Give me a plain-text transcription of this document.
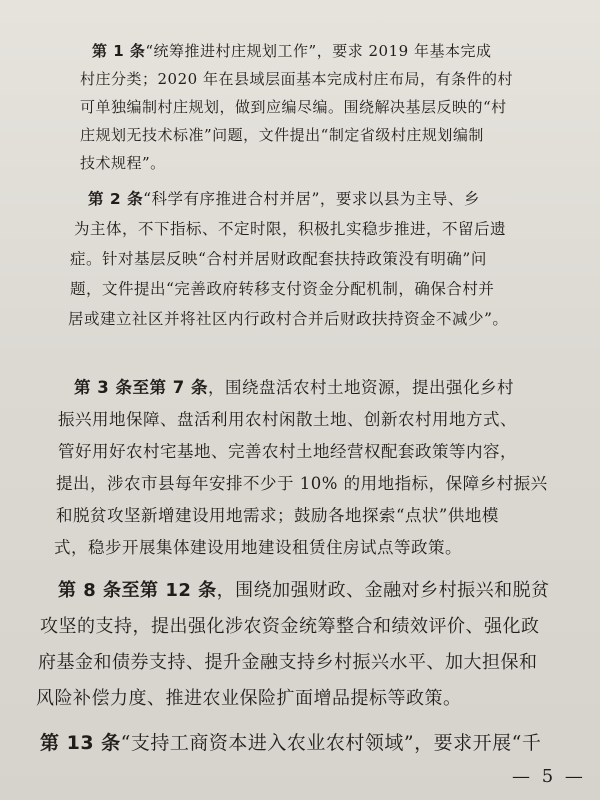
第 1 条“统筹推进村庄规划工作”，要求 2019 年基本完成
村庄分类；2020 年在县域层面基本完成村庄布局，有条件的村
可单独编制村庄规划，做到应编尽编。围绕解决基层反映的“村
庄规划无技术标准”问题，文件提出“制定省级村庄规划编制
技术规程”。
第 2 条“科学有序推进合村并居”，要求以县为主导、乡
为主体，不下指标、不定时限，积极扎实稳步推进，不留后遗
症。针对基层反映“合村并居财政配套扶持政策没有明确”问
题，文件提出“完善政府转移支付资金分配机制，确保合村并
居或建立社区并将社区内行政村合并后财政扶持资金不减少”。
第 3 条至第 7 条，围绕盘活农村土地资源，提出强化乡村
振兴用地保障、盘活利用农村闲散土地、创新农村用地方式、
管好用好农村宅基地、完善农村土地经营权配套政策等内容，
提出，涉农市县每年安排不少于 10% 的用地指标，保障乡村振兴
和脱贫攻坚新增建设用地需求；鼓励各地探索“点状”供地模
式，稳步开展集体建设用地建设租赁住房试点等政策。
第 8 条至第 12 条，围绕加强财政、金融对乡村振兴和脱贫
攻坚的支持，提出强化涉农资金统筹整合和绩效评价、强化政
府基金和债券支持、提升金融支持乡村振兴水平、加大担保和
风险补偿力度、推进农业保险扩面增品提标等政策。
第 13 条“支持工商资本进入农业农村领域”，要求开展“千
— 5 —
